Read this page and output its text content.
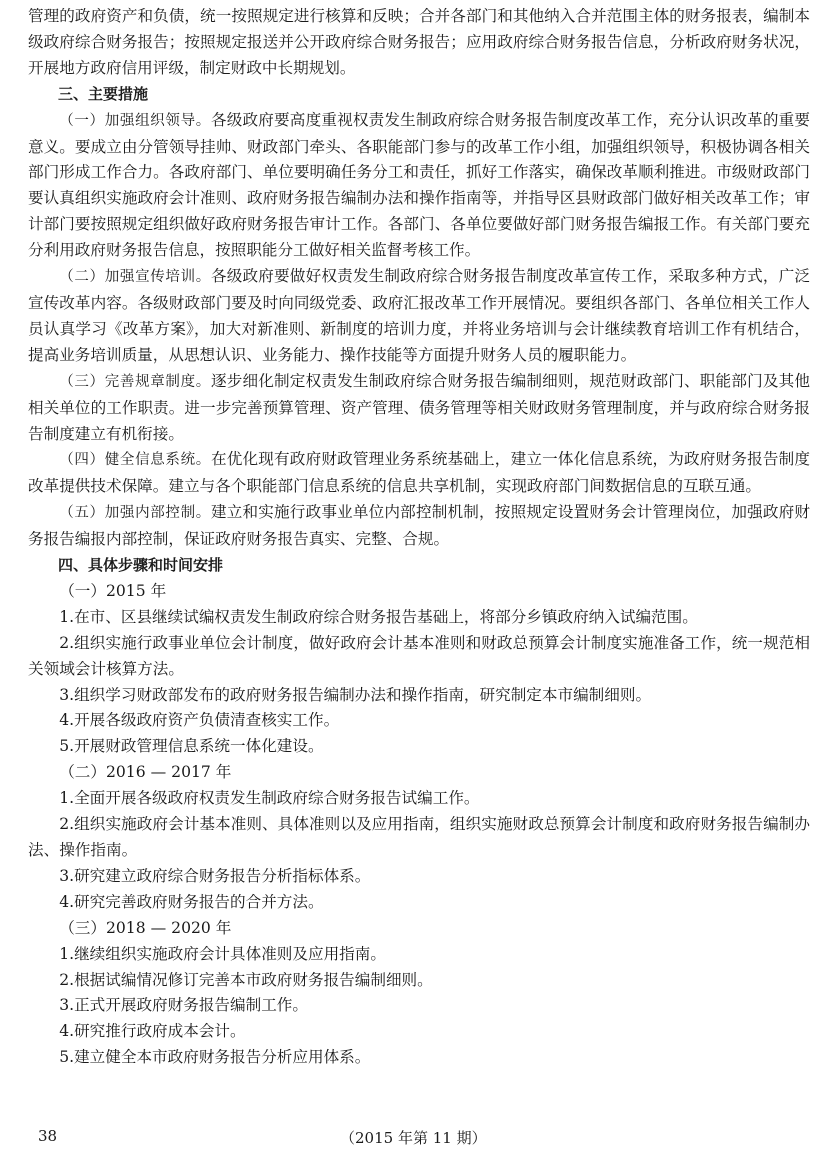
管理的政府资产和负债，统一按照规定进行核算和反映；合并各部门和其他纳入合并范围主体的财务报表，编制本级政府综合财务报告；按照规定报送并公开政府综合财务报告；应用政府综合财务报告信息，分析政府财务状况，开展地方政府信用评级，制定财政中长期规划。

三、主要措施

（一）加强组织领导。各级政府要高度重视权责发生制政府综合财务报告制度改革工作，充分认识改革的重要意义。要成立由分管领导挂帅、财政部门牵头、各职能部门参与的改革工作小组，加强组织领导，积极协调各相关部门形成工作合力。各政府部门、单位要明确任务分工和责任，抓好工作落实，确保改革顺利推进。市级财政部门要认真组织实施政府会计准则、政府财务报告编制办法和操作指南等，并指导区县财政部门做好相关改革工作；审计部门要按照规定组织做好政府财务报告审计工作。各部门、各单位要做好部门财务报告编报工作。有关部门要充分利用政府财务报告信息，按照职能分工做好相关监督考核工作。

（二）加强宣传培训。各级政府要做好权责发生制政府综合财务报告制度改革宣传工作，采取多种方式，广泛宣传改革内容。各级财政部门要及时向同级党委、政府汇报改革工作开展情况。要组织各部门、各单位相关工作人员认真学习《改革方案》，加大对新准则、新制度的培训力度，并将业务培训与会计继续教育培训工作有机结合，提高业务培训质量，从思想认识、业务能力、操作技能等方面提升财务人员的履职能力。

（三）完善规章制度。逐步细化制定权责发生制政府综合财务报告编制细则，规范财政部门、职能部门及其他相关单位的工作职责。进一步完善预算管理、资产管理、债务管理等相关财政财务管理制度，并与政府综合财务报告制度建立有机衔接。

（四）健全信息系统。在优化现有政府财政管理业务系统基础上，建立一体化信息系统，为政府财务报告制度改革提供技术保障。建立与各个职能部门信息系统的信息共享机制，实现政府部门间数据信息的互联互通。

（五）加强内部控制。建立和实施行政事业单位内部控制机制，按照规定设置财务会计管理岗位，加强政府财务报告编报内部控制，保证政府财务报告真实、完整、合规。

四、具体步骤和时间安排

（一）2015 年

1.在市、区县继续试编权责发生制政府综合财务报告基础上，将部分乡镇政府纳入试编范围。

2.组织实施行政事业单位会计制度，做好政府会计基本准则和财政总预算会计制度实施准备工作，统一规范相关领域会计核算方法。

3.组织学习财政部发布的政府财务报告编制办法和操作指南，研究制定本市编制细则。

4.开展各级政府资产负债清查核实工作。

5.开展财政管理信息系统一体化建设。

（二）2016 — 2017 年

1.全面开展各级政府权责发生制政府综合财务报告试编工作。

2.组织实施政府会计基本准则、具体准则以及应用指南，组织实施财政总预算会计制度和政府财务报告编制办法、操作指南。

3.研究建立政府综合财务报告分析指标体系。

4.研究完善政府财务报告的合并方法。

（三）2018 — 2020 年

1.继续组织实施政府会计具体准则及应用指南。

2.根据试编情况修订完善本市政府财务报告编制细则。

3.正式开展政府财务报告编制工作。

4.研究推行政府成本会计。

5.建立健全本市政府财务报告分析应用体系。

38	（2015 年第 11 期）
